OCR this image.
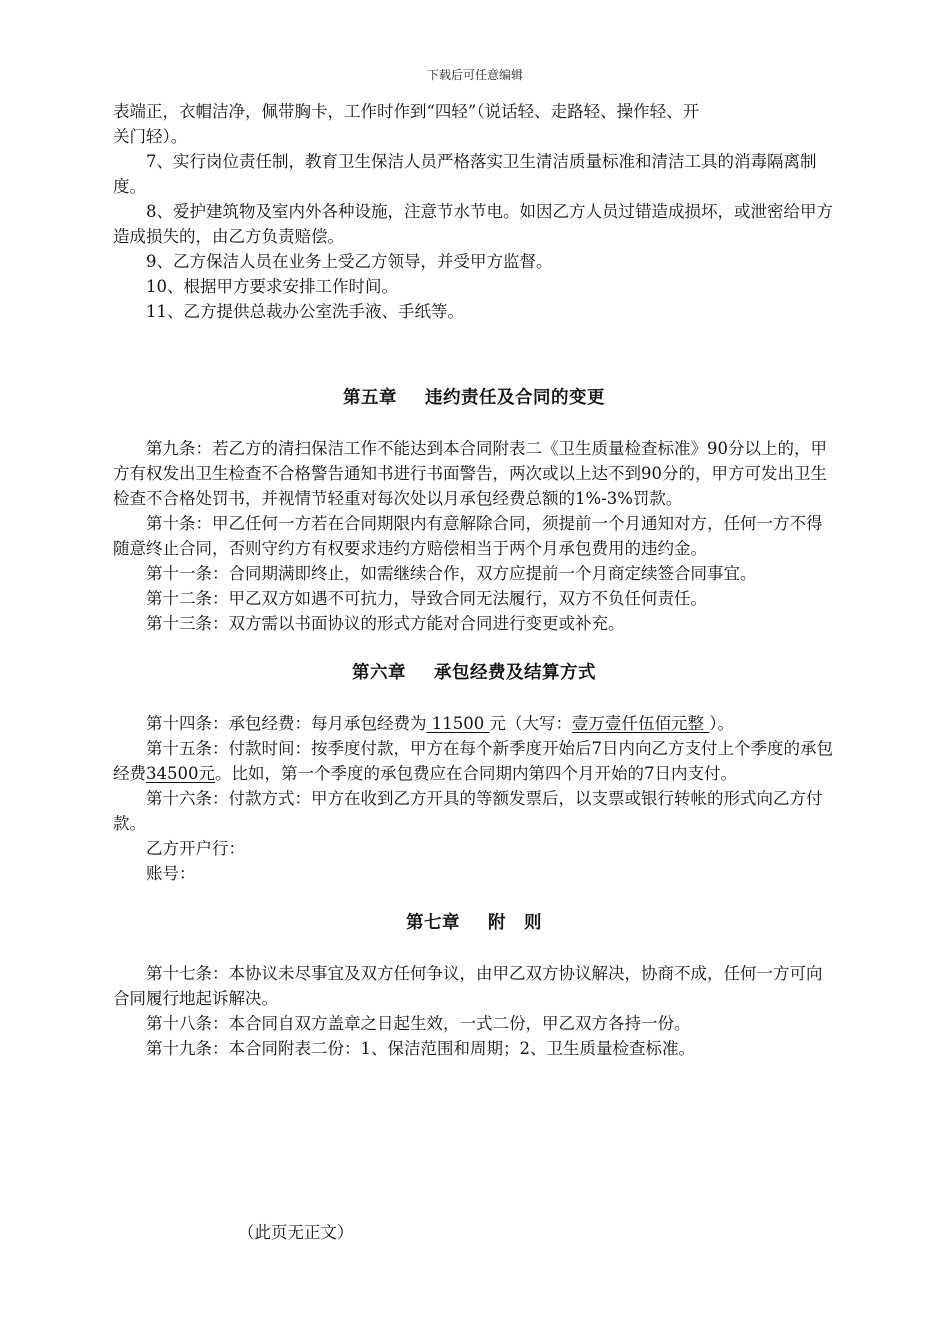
下载后可任意编辑

表端正，衣帽洁净，佩带胸卡，工作时作到“四轻”（说话轻、走路轻、操作轻、开
关门轻）。

7、实行岗位责任制，教育卫生保洁人员严格落实卫生清洁质量标准和清洁工具的消毒隔离制度。

8、爱护建筑物及室内外各种设施，注意节水节电。如因乙方人员过错造成损坏，或泄密给甲方造成损失的，由乙方负责赔偿。

9、乙方保洁人员在业务上受乙方领导，并受甲方监督。

10、根据甲方要求安排工作时间。

11、乙方提供总裁办公室洗手液、手纸等。

第五章 违约责任及合同的变更

第九条：若乙方的清扫保洁工作不能达到本合同附表二《卫生质量检查标准》90分以上的，甲方有权发出卫生检查不合格警告通知书进行书面警告，两次或以上达不到90分的，甲方可发出卫生检查不合格处罚书，并视情节轻重对每次处以月承包经费总额的1%-3%罚款。

第十条：甲乙任何一方若在合同期限内有意解除合同，须提前一个月通知对方，任何一方不得随意终止合同，否则守约方有权要求违约方赔偿相当于两个月承包费用的违约金。

第十一条：合同期满即终止，如需继续合作，双方应提前一个月商定续签合同事宜。

第十二条：甲乙双方如遇不可抗力，导致合同无法履行，双方不负任何责任。

第十三条：双方需以书面协议的形式方能对合同进行变更或补充。

第六章 承包经费及结算方式

第十四条：承包经费：每月承包经费为 11500 元（大写：壹万壹仟伍佰元整 ）。

第十五条：付款时间：按季度付款，甲方在每个新季度开始后7日内向乙方支付上个季度的承包经费34500元。比如，第一个季度的承包费应在合同期内第四个月开始的7日内支付。

第十六条：付款方式：甲方在收到乙方开具的等额发票后，以支票或银行转帐的形式向乙方付款。

乙方开户行：

账号：

第七章 附　则

第十七条：本协议未尽事宜及双方任何争议，由甲乙双方协议解决，协商不成，任何一方可向合同履行地起诉解决。

第十八条：本合同自双方盖章之日起生效，一式二份，甲乙双方各持一份。

第十九条：本合同附表二份：1、保洁范围和周期；2、卫生质量检查标准。

（此页无正文）
